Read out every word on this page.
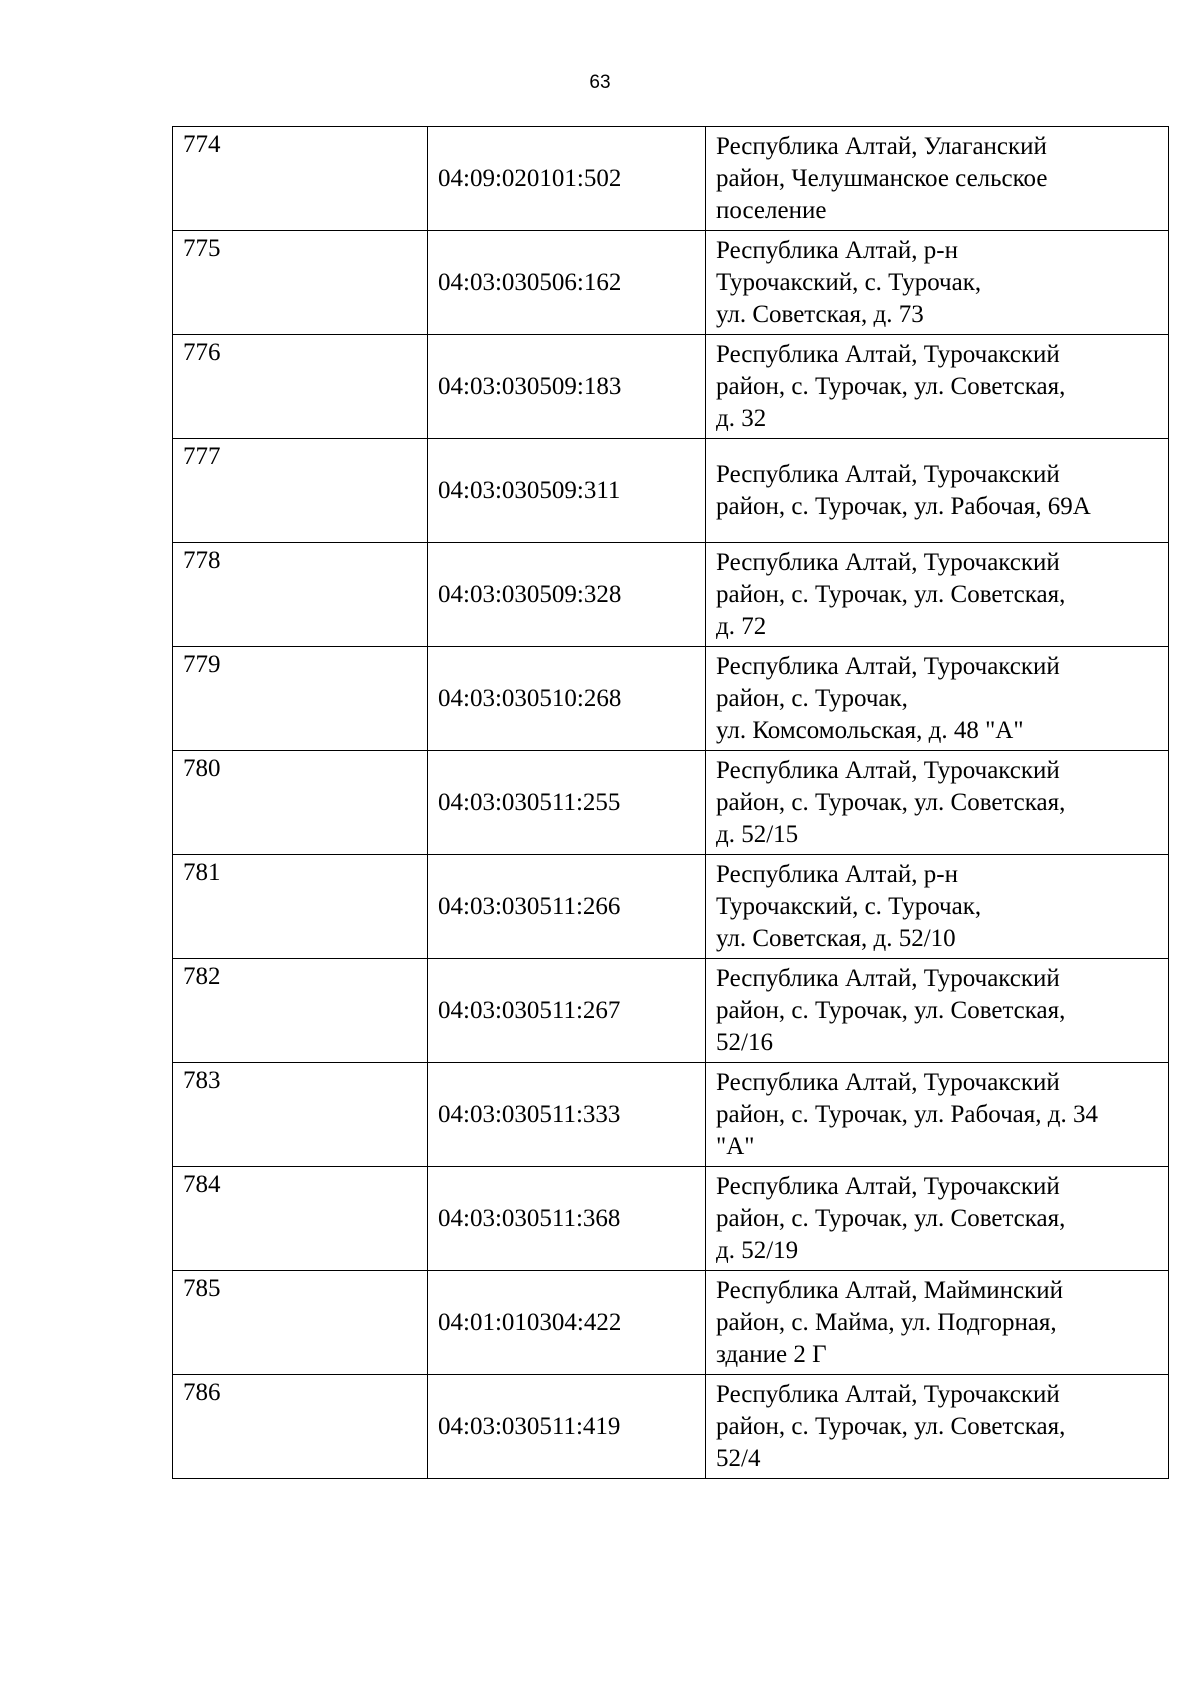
63
774	04:09:020101:502	Республика Алтай, Улаганский
район, Челушманское сельское
поселение

775	04:03:030506:162	Республика Алтай, р-н
Турочакский, с. Турочак,
ул. Советская, д. 73

776	04:03:030509:183	Республика Алтай, Турочакский
район, с. Турочак, ул. Советская,
д. 32

777	04:03:030509:311	Республика Алтай, Турочакский
район, с. Турочак, ул. Рабочая, 69А

778	04:03:030509:328	Республика Алтай, Турочакский
район, с. Турочак, ул. Советская,
д. 72

779	04:03:030510:268	Республика Алтай, Турочакский
район, с. Турочак,
ул. Комсомольская, д. 48 "А"

780	04:03:030511:255	Республика Алтай, Турочакский
район, с. Турочак, ул. Советская,
д. 52/15

781	04:03:030511:266	Республика Алтай, р-н
Турочакский, с. Турочак,
ул. Советская, д. 52/10

782	04:03:030511:267	Республика Алтай, Турочакский
район, с. Турочак, ул. Советская,
52/16

783	04:03:030511:333	Республика Алтай, Турочакский
район, с. Турочак, ул. Рабочая, д. 34
"А"

784	04:03:030511:368	Республика Алтай, Турочакский
район, с. Турочак, ул. Советская,
д. 52/19

785	04:01:010304:422	Республика Алтай, Майминский
район, с. Майма, ул. Подгорная,
здание 2 Г

786	04:03:030511:419	Республика Алтай, Турочакский
район, с. Турочак, ул. Советская,
52/4
